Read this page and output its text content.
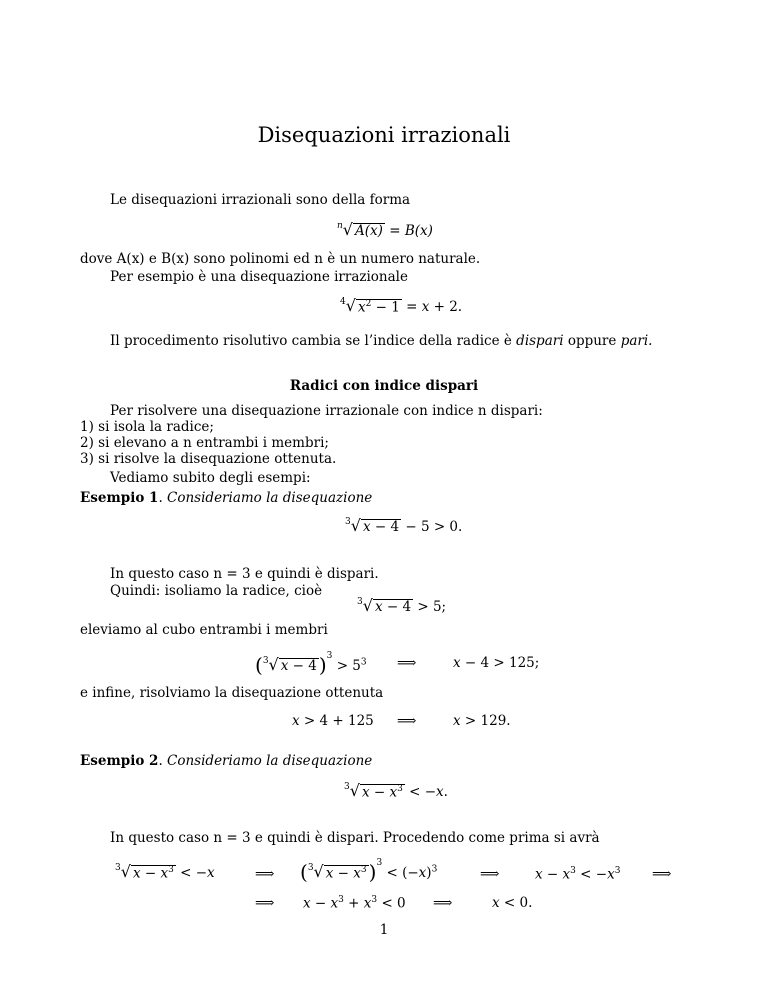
Disequazioni irrazionali
Le disequazioni irrazionali sono della forma
$^n$√ A(x) = B(x)
dove A(x) e B(x) sono polinomi ed n è un numero naturale.
Per esempio è una disequazione irrazionale
$^4$√ $x^2 - 1 = x + 2$.
Il procedimento risolutivo cambia se l’indice della radice è dispari oppure pari.
Radici con indice dispari
Per risolvere una disequazione irrazionale con indice n dispari:
1) si isola la radice;
2) si elevano a n entrambi i membri;
3) si risolve la disequazione ottenuta.
Vediamo subito degli esempi:
Esempio 1. Consideriamo la disequazione
$^3$√ x − 4 − 5 > 0.
In questo caso n = 3 e quindi è dispari.
Quindi: isoliamo la radice, cioè
$^3$√ x − 4 > 5;
eleviamo al cubo entrambi i membri
($^3$√ x − 4 )$^3 > 5^3$ ⟹	x − 4 > 125;
e infine, risolviamo la disequazione ottenuta
x > 4 + 125 ⟹	x > 129.
Esempio 2. Consideriamo la disequazione
$^3$√ $x - x^3 < -x$.
In questo caso n = 3 e quindi è dispari. Procedendo come prima si avrà
$^3$√ $x - x^3 < -x$	⟹ ($^3$√ $x - x^3$ )$^3 < (-x)^3$	⟹	$x - x^3 < -x^3$ ⟹
⟹ $x - x^3 + x^3 < 0$ ⟹	x < 0.
1
